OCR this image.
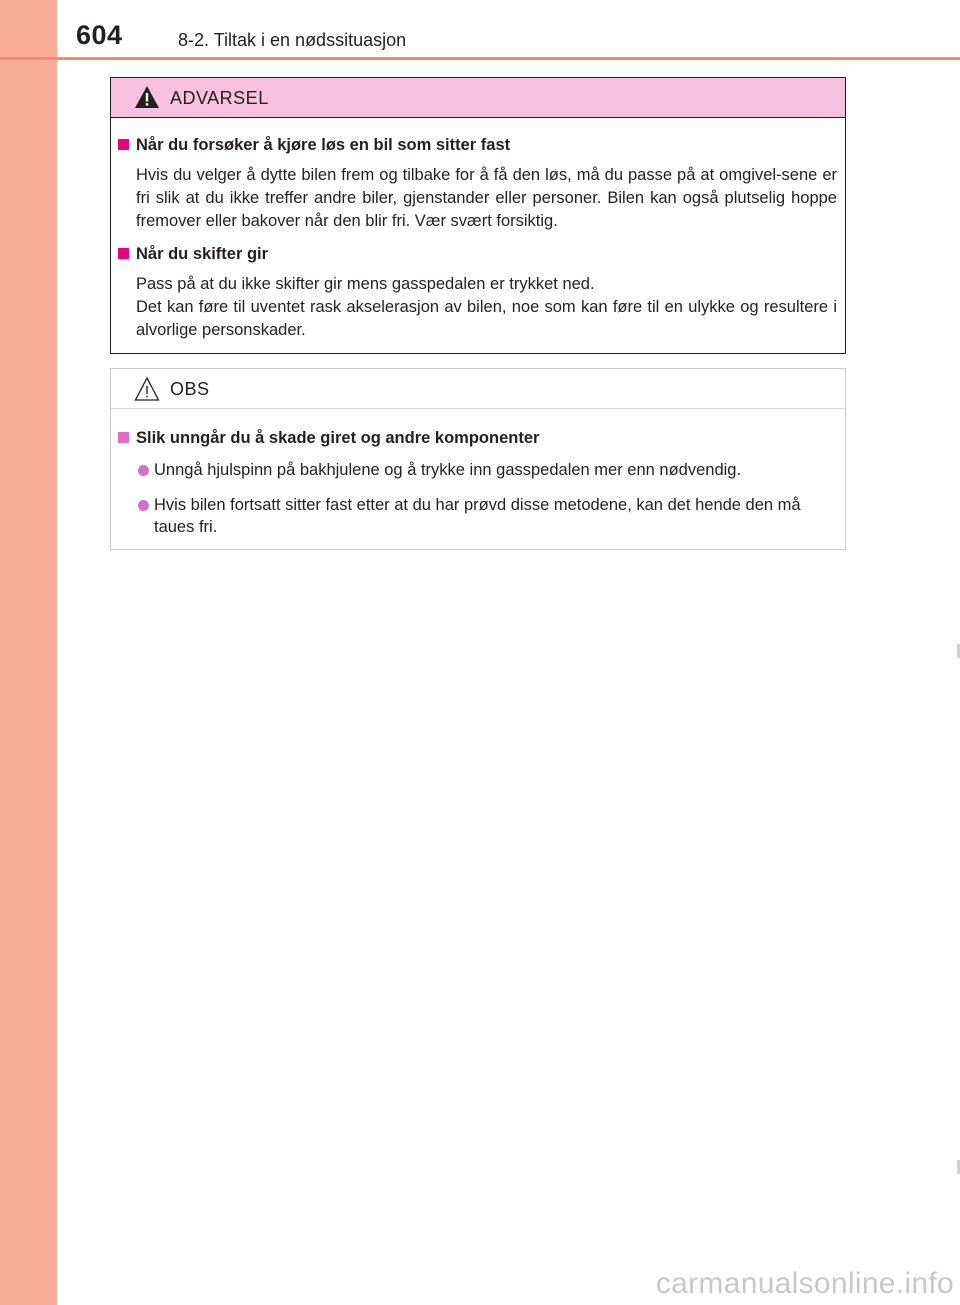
604	8-2. Tiltak i en nødssituasjon
ADVARSEL
Når du forsøker å kjøre løs en bil som sitter fast
Hvis du velger å dytte bilen frem og tilbake for å få den løs, må du passe på at omgivel-sene er fri slik at du ikke treffer andre biler, gjenstander eller personer. Bilen kan også plutselig hoppe fremover eller bakover når den blir fri. Vær svært forsiktig.
Når du skifter gir
Pass på at du ikke skifter gir mens gasspedalen er trykket ned.
Det kan føre til uventet rask akselerasjon av bilen, noe som kan føre til en ulykke og resultere i alvorlige personskader.
OBS
Slik unngår du å skade giret og andre komponenter
Unngå hjulspinn på bakhjulene og å trykke inn gasspedalen mer enn nødvendig.
Hvis bilen fortsatt sitter fast etter at du har prøvd disse metodene, kan det hende den må taues fri.
carmanualsonline.info
